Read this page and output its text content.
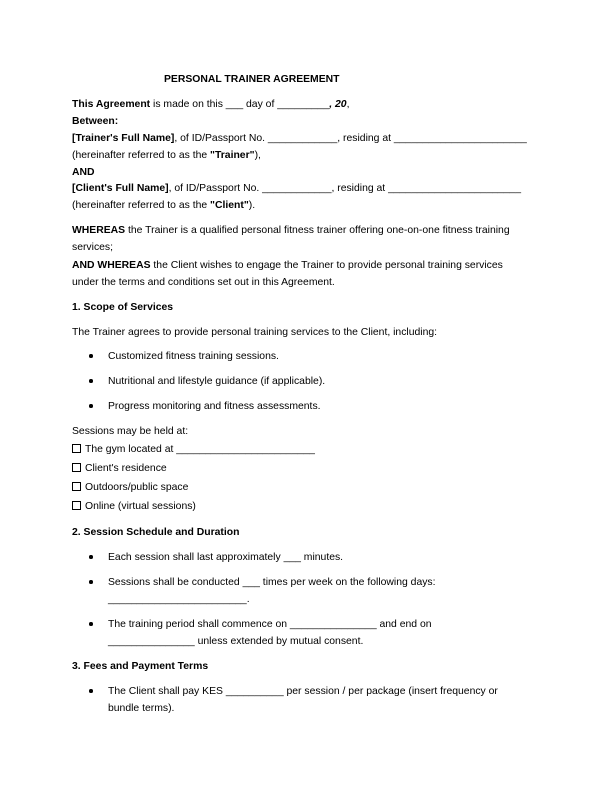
PERSONAL TRAINER AGREEMENT
This Agreement is made on this ___ day of _________, 20,
Between:
[Trainer's Full Name], of ID/Passport No. ____________, residing at _______________________
(hereinafter referred to as the "Trainer"),
AND
[Client's Full Name], of ID/Passport No. ____________, residing at _______________________
(hereinafter referred to as the "Client").
WHEREAS the Trainer is a qualified personal fitness trainer offering one-on-one fitness training
services;
AND WHEREAS the Client wishes to engage the Trainer to provide personal training services
under the terms and conditions set out in this Agreement.
1. Scope of Services
The Trainer agrees to provide personal training services to the Client, including:
Customized fitness training sessions.
Nutritional and lifestyle guidance (if applicable).
Progress monitoring and fitness assessments.
Sessions may be held at:
The gym located at ________________________
Client's residence
Outdoors/public space
Online (virtual sessions)
2. Session Schedule and Duration
Each session shall last approximately ___ minutes.
Sessions shall be conducted ___ times per week on the following days:
________________________.
The training period shall commence on _______________ and end on
_______________ unless extended by mutual consent.
3. Fees and Payment Terms
The Client shall pay KES __________ per session / per package (insert frequency or
bundle terms).
